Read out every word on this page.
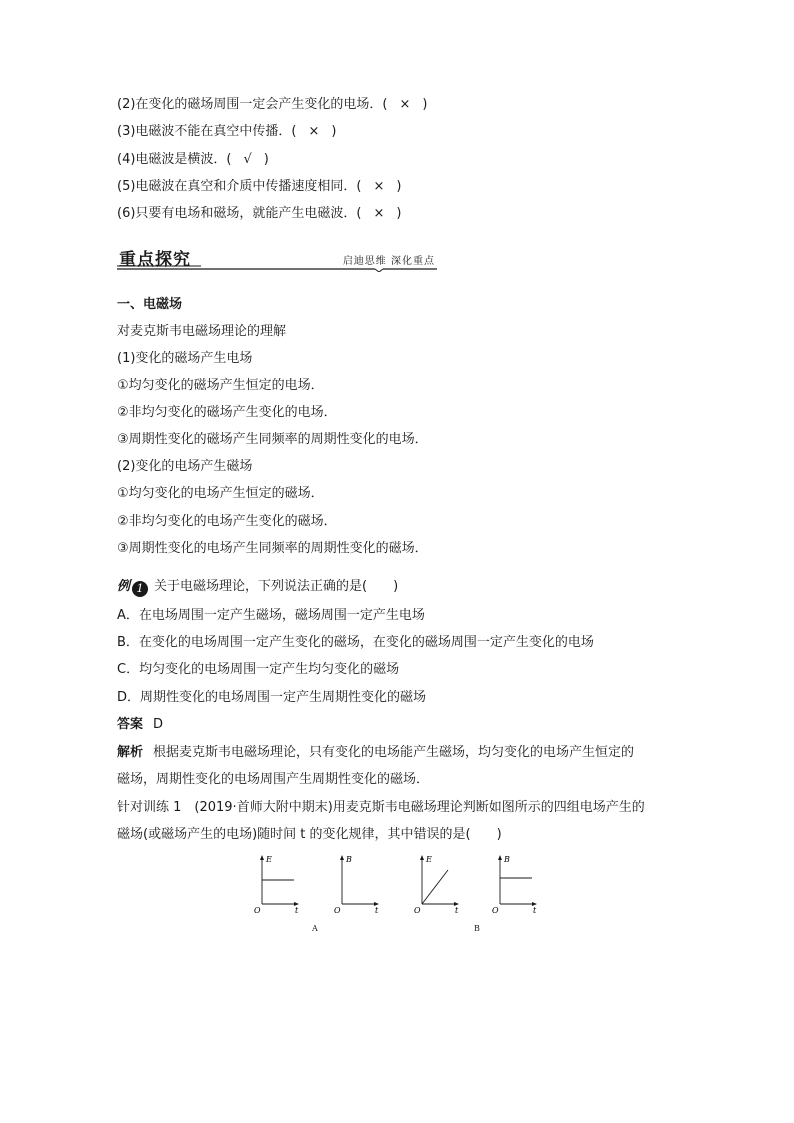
(2)在变化的磁场周围一定会产生变化的电场．( × )
(3)电磁波不能在真空中传播．( × )
(4)电磁波是横波．( √ )
(5)电磁波在真空和介质中传播速度相同．( × )
(6)只要有电场和磁场，就能产生电磁波．( × )
重点探究	启迪思维 深化重点
一、电磁场
对麦克斯韦电磁场理论的理解
(1)变化的磁场产生电场
①均匀变化的磁场产生恒定的电场．
②非均匀变化的磁场产生变化的电场．
③周期性变化的磁场产生同频率的周期性变化的电场．
(2)变化的电场产生磁场
①均匀变化的电场产生恒定的磁场．
②非均匀变化的电场产生变化的磁场．
③周期性变化的电场产生同频率的周期性变化的磁场．
例 1 关于电磁场理论，下列说法正确的是(　　)
A．在电场周围一定产生磁场，磁场周围一定产生电场
B．在变化的电场周围一定产生变化的磁场，在变化的磁场周围一定产生变化的电场
C．均匀变化的电场周围一定产生均匀变化的磁场
D．周期性变化的电场周围一定产生周期性变化的磁场
答案 D
解析 根据麦克斯韦电磁场理论，只有变化的电场能产生磁场，均匀变化的电场产生恒定的
磁场，周期性变化的电场周围产生周期性变化的磁场．
针对训练 1　(2019·首师大附中期末)用麦克斯韦电磁场理论判断如图所示的四组电场产生的
磁场(或磁场产生的电场)随时间 t 的变化规律，其中错误的是(　　)
E
O	t
B
O	t
E
O	t
B
O	t
A	B
